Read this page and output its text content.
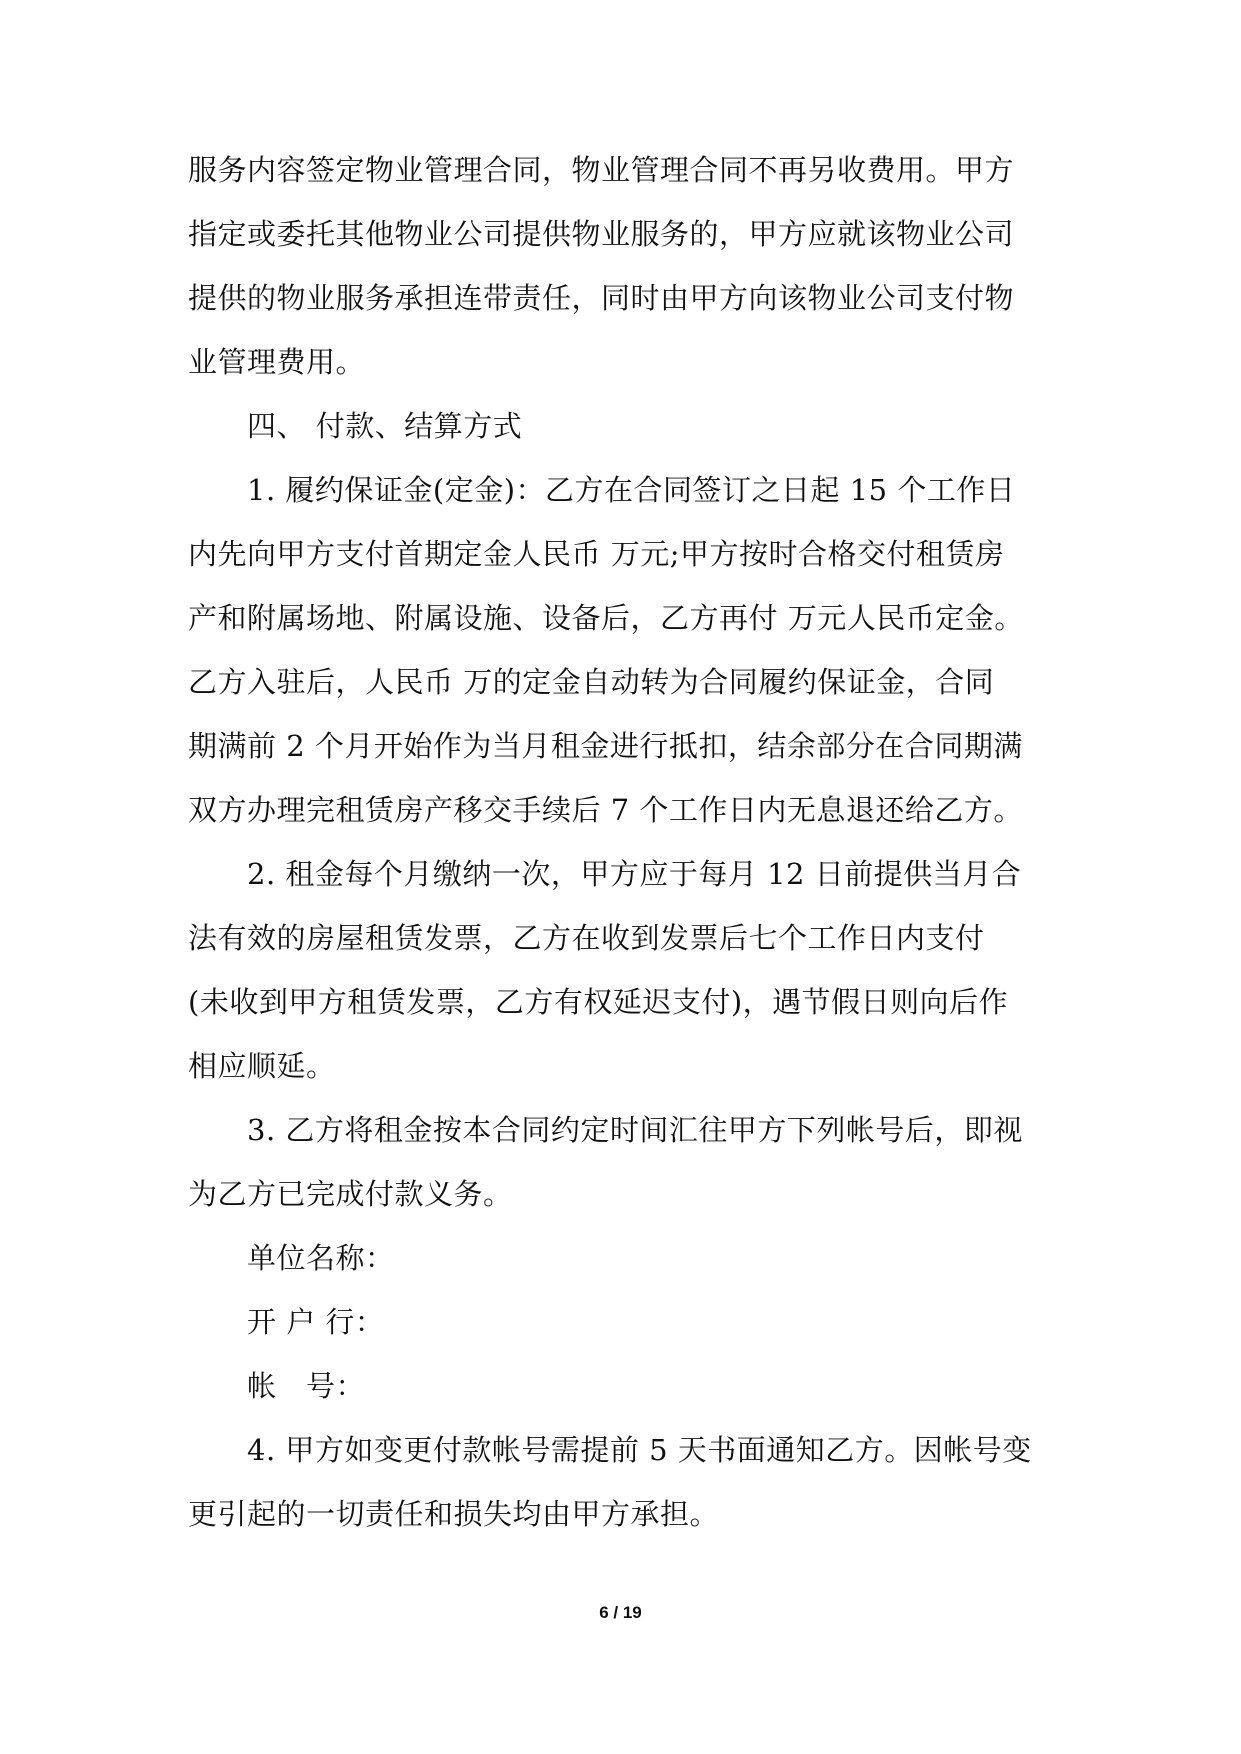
服务内容签定物业管理合同，物业管理合同不再另收费用。甲方
指定或委托其他物业公司提供物业服务的，甲方应就该物业公司
提供的物业服务承担连带责任，同时由甲方向该物业公司支付物
业管理费用。
　　四、 付款、结算方式
　　1. 履约保证金(定金)：乙方在合同签订之日起 15 个工作日
内先向甲方支付首期定金人民币 万元;甲方按时合格交付租赁房
产和附属场地、附属设施、设备后，乙方再付 万元人民币定金。
乙方入驻后，人民币 万的定金自动转为合同履约保证金，合同
期满前 2 个月开始作为当月租金进行抵扣，结余部分在合同期满
双方办理完租赁房产移交手续后 7 个工作日内无息退还给乙方。
　　2. 租金每个月缴纳一次，甲方应于每月 12 日前提供当月合
法有效的房屋租赁发票，乙方在收到发票后七个工作日内支付
(未收到甲方租赁发票，乙方有权延迟支付)，遇节假日则向后作
相应顺延。
　　3. 乙方将租金按本合同约定时间汇往甲方下列帐号后，即视
为乙方已完成付款义务。
　　单位名称：
　　开 户 行：
　　帐　号：
　　4. 甲方如变更付款帐号需提前 5 天书面通知乙方。因帐号变
更引起的一切责任和损失均由甲方承担。
6 / 19
